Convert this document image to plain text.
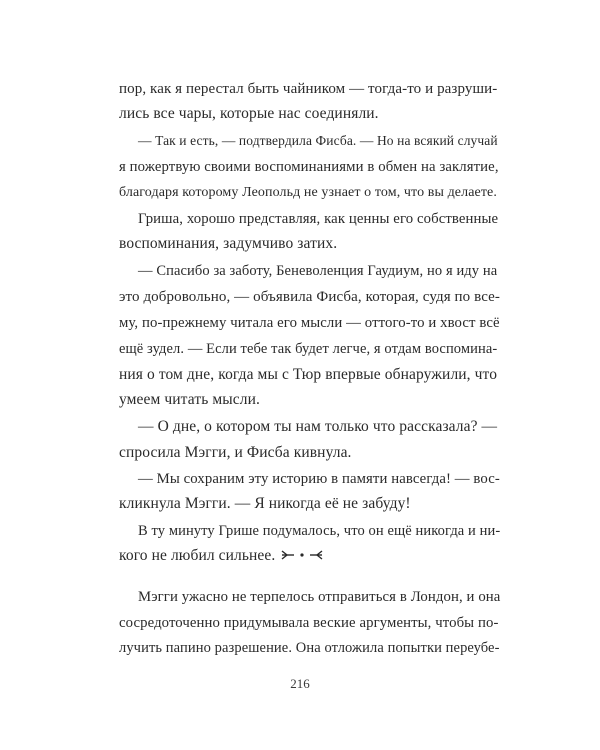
пор, как я перестал быть чайником — тогда-то и разруши-
лись все чары, которые нас соединяли.
— Так и есть, — подтвердила Фисба. — Но на всякий случай
я пожертвую своими воспоминаниями в обмен на заклятие,
благодаря которому Леопольд не узнает о том, что вы делаете.
Гриша, хорошо представляя, как ценны его собственные
воспоминания, задумчиво затих.
— Спасибо за заботу, Беневоленция Гаудиум, но я иду на
это добровольно, — объявила Фисба, которая, судя по все-
му, по-прежнему читала его мысли — оттого-то и хвост всё
ещё зудел. — Если тебе так будет легче, я отдам воспомина-
ния о том дне, когда мы с Тюр впервые обнаружили, что
умеем читать мысли.
— О дне, о котором ты нам только что рассказала? —
спросила Мэгги, и Фисба кивнула.
— Мы сохраним эту историю в памяти навсегда! — вос-
кликнула Мэгги. — Я никогда её не забуду!
В ту минуту Грише подумалось, что он ещё никогда и ни-
кого не любил сильнее.
Мэгги ужасно не терпелось отправиться в Лондон, и она
сосредоточенно придумывала веские аргументы, чтобы по-
лучить папино разрешение. Она отложила попытки переубе-
216
